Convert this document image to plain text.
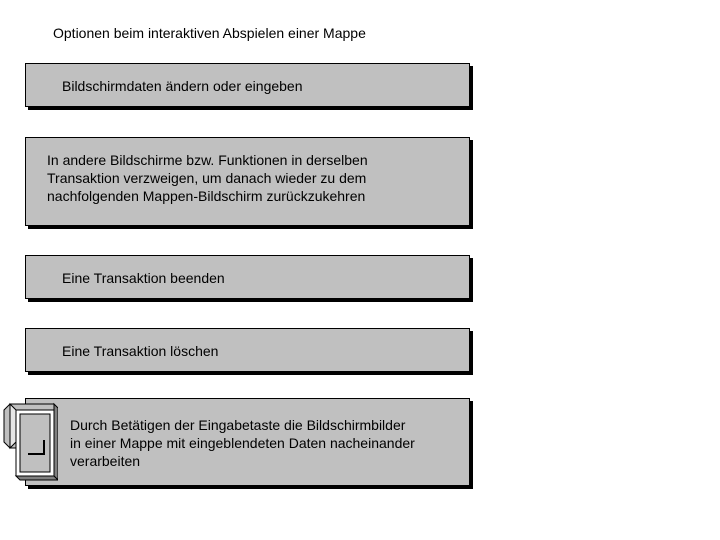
Optionen beim interaktiven Abspielen einer Mappe
Bildschirmdaten ändern oder eingeben
In andere Bildschirme bzw. Funktionen in derselben
Transaktion verzweigen, um danach wieder zu dem
nachfolgenden Mappen-Bildschirm zurückzukehren
Eine Transaktion beenden
Eine Transaktion löschen
Durch Betätigen der Eingabetaste die Bildschirmbilder
in einer Mappe mit eingeblendeten Daten nacheinander
verarbeiten
